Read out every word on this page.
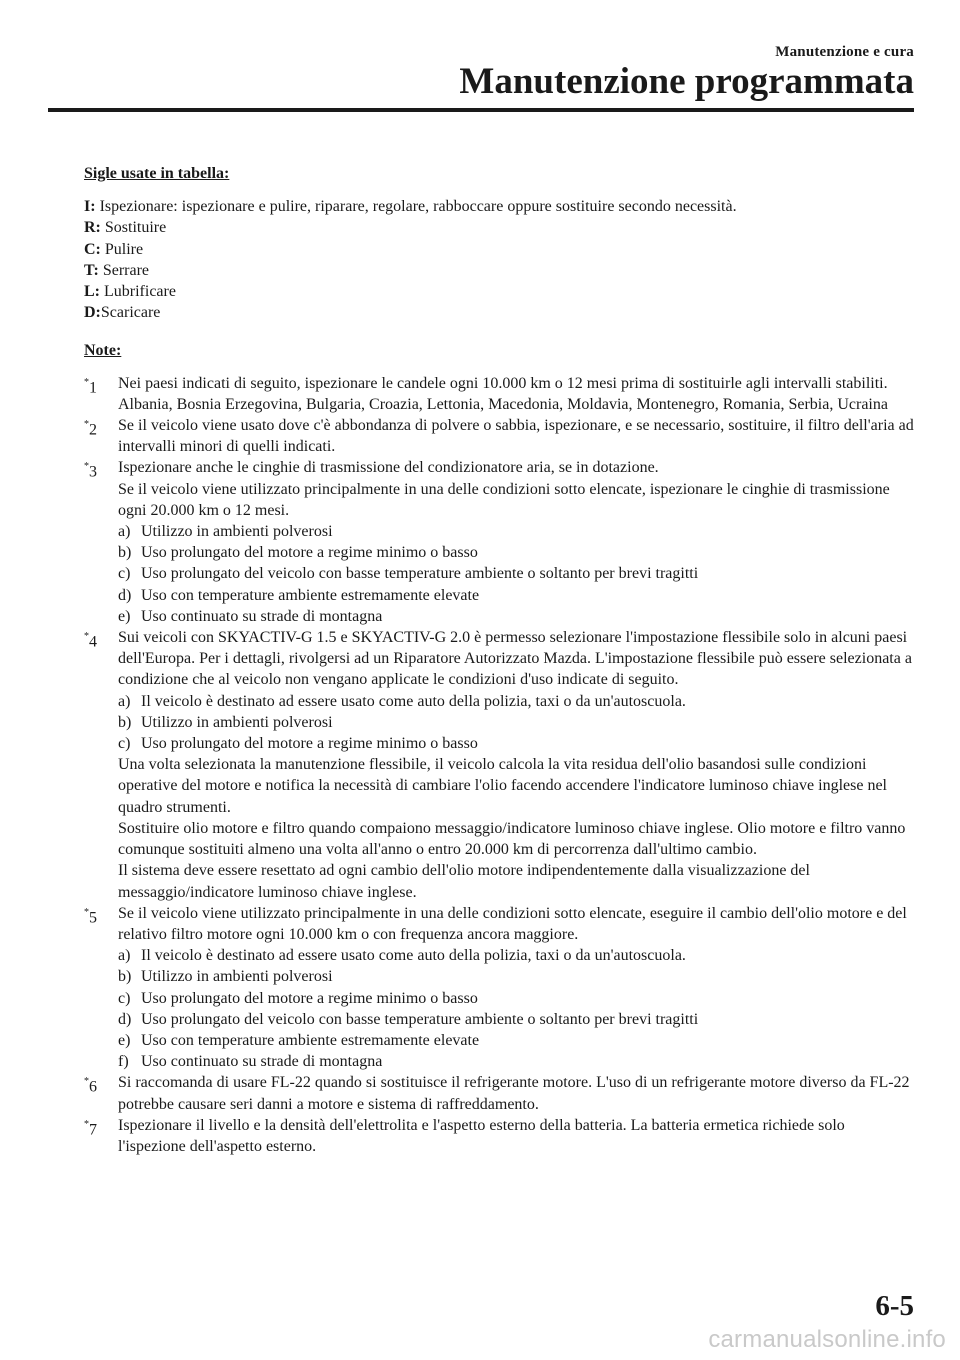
Manutenzione e cura
Manutenzione programmata
Sigle usate in tabella:
I: Ispezionare: ispezionare e pulire, riparare, regolare, rabboccare oppure sostituire secondo necessità.
R: Sostituire
C: Pulire
T: Serrare
L: Lubrificare
D:Scaricare
Note:
*1	Nei paesi indicati di seguito, ispezionare le candele ogni 10.000 km o 12 mesi prima di sostituirle agli intervalli stabiliti.
Albania, Bosnia Erzegovina, Bulgaria, Croazia, Lettonia, Macedonia, Moldavia, Montenegro, Romania, Serbia, Ucraina
*2	Se il veicolo viene usato dove c'è abbondanza di polvere o sabbia, ispezionare, e se necessario, sostituire, il filtro dell'aria ad intervalli minori di quelli indicati.
*3	Ispezionare anche le cinghie di trasmissione del condizionatore aria, se in dotazione.
Se il veicolo viene utilizzato principalmente in una delle condizioni sotto elencate, ispezionare le cinghie di trasmissione ogni 20.000 km o 12 mesi.
a) Utilizzo in ambienti polverosi
b) Uso prolungato del motore a regime minimo o basso
c) Uso prolungato del veicolo con basse temperature ambiente o soltanto per brevi tragitti
d) Uso con temperature ambiente estremamente elevate
e) Uso continuato su strade di montagna
*4	Sui veicoli con SKYACTIV-G 1.5 e SKYACTIV-G 2.0 è permesso selezionare l'impostazione flessibile solo in alcuni paesi dell'Europa. Per i dettagli, rivolgersi ad un Riparatore Autorizzato Mazda. L'impostazione flessibile può essere selezionata a condizione che al veicolo non vengano applicate le condizioni d'uso indicate di seguito.
a) Il veicolo è destinato ad essere usato come auto della polizia, taxi o da un'autoscuola.
b) Utilizzo in ambienti polverosi
c) Uso prolungato del motore a regime minimo o basso
Una volta selezionata la manutenzione flessibile, il veicolo calcola la vita residua dell'olio basandosi sulle condizioni operative del motore e notifica la necessità di cambiare l'olio facendo accendere l'indicatore luminoso chiave inglese nel quadro strumenti.
Sostituire olio motore e filtro quando compaiono messaggio/indicatore luminoso chiave inglese. Olio motore e filtro vanno comunque sostituiti almeno una volta all'anno o entro 20.000 km di percorrenza dall'ultimo cambio.
Il sistema deve essere resettato ad ogni cambio dell'olio motore indipendentemente dalla visualizzazione del messaggio/indicatore luminoso chiave inglese.
*5	Se il veicolo viene utilizzato principalmente in una delle condizioni sotto elencate, eseguire il cambio dell'olio motore e del relativo filtro motore ogni 10.000 km o con frequenza ancora maggiore.
a) Il veicolo è destinato ad essere usato come auto della polizia, taxi o da un'autoscuola.
b) Utilizzo in ambienti polverosi
c) Uso prolungato del motore a regime minimo o basso
d) Uso prolungato del veicolo con basse temperature ambiente o soltanto per brevi tragitti
e) Uso con temperature ambiente estremamente elevate
f) Uso continuato su strade di montagna
*6	Si raccomanda di usare FL-22 quando si sostituisce il refrigerante motore. L'uso di un refrigerante motore diverso da FL-22 potrebbe causare seri danni a motore e sistema di raffreddamento.
*7	Ispezionare il livello e la densità dell'elettrolita e l'aspetto esterno della batteria. La batteria ermetica richiede solo l'ispezione dell'aspetto esterno.
6-5
carmanualsonline.info
